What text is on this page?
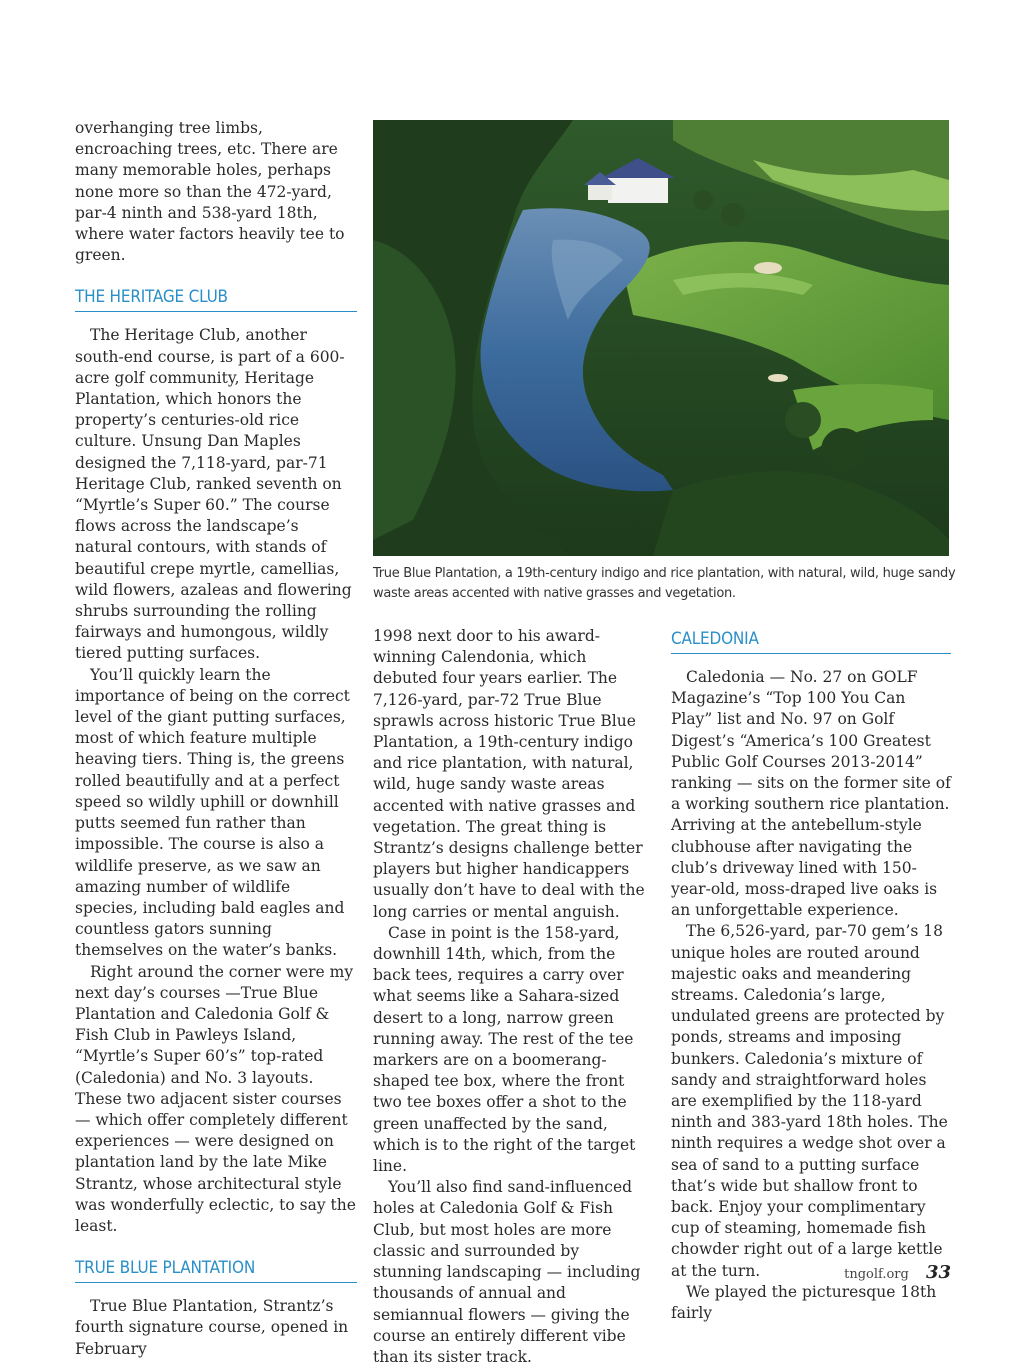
overhanging tree limbs, encroaching trees, etc. There are many memorable holes, perhaps none more so than the 472-yard, par-4 ninth and 538-yard 18th, where water factors heavily tee to green.

THE HERITAGE CLUB

The Heritage Club, another south-end course, is part of a 600-acre golf community, Heritage Plantation, which honors the property’s centuries-old rice culture. Unsung Dan Maples designed the 7,118-yard, par-71 Heritage Club, ranked seventh on “Myrtle’s Super 60.” The course flows across the landscape’s natural contours, with stands of beautiful crepe myrtle, camellias, wild flowers, azaleas and flowering shrubs surrounding the rolling fairways and humongous, wildly tiered putting surfaces.

You’ll quickly learn the importance of being on the correct level of the giant putting surfaces, most of which feature multiple heaving tiers. Thing is, the greens rolled beautifully and at a perfect speed so wildly uphill or downhill putts seemed fun rather than impossible. The course is also a wildlife preserve, as we saw an amazing number of wildlife species, including bald eagles and countless gators sunning themselves on the water’s banks.

Right around the corner were my next day’s courses —True Blue Plantation and Caledonia Golf & Fish Club in Pawleys Island, “Myrtle’s Super 60’s” top-rated (Caledonia) and No. 3 layouts. These two adjacent sister courses — which offer completely different experiences — were designed on plantation land by the late Mike Strantz, whose architectural style was wonderfully eclectic, to say the least.

TRUE BLUE PLANTATION

True Blue Plantation, Strantz’s fourth signature course, opened in February

True Blue Plantation, a 19th-century indigo and rice plantation, with natural, wild, huge sandy waste areas accented with native grasses and vegetation.

1998 next door to his award-winning Calendonia, which debuted four years earlier. The 7,126-yard, par-72 True Blue sprawls across historic True Blue Plantation, a 19th-century indigo and rice plantation, with natural, wild, huge sandy waste areas accented with native grasses and vegetation. The great thing is Strantz’s designs challenge better players but higher handicappers usually don’t have to deal with the long carries or mental anguish.

Case in point is the 158-yard, downhill 14th, which, from the back tees, requires a carry over what seems like a Sahara-sized desert to a long, narrow green running away. The rest of the tee markers are on a boomerang-shaped tee box, where the front two tee boxes offer a shot to the green unaffected by the sand, which is to the right of the target line.

You’ll also find sand-influenced holes at Caledonia Golf & Fish Club, but most holes are more classic and surrounded by stunning landscaping — including thousands of annual and semiannual flowers — giving the course an entirely different vibe than its sister track.

CALEDONIA

Caledonia — No. 27 on GOLF Magazine’s “Top 100 You Can Play” list and No. 97 on Golf Digest’s “America’s 100 Greatest Public Golf Courses 2013-2014” ranking — sits on the former site of a working southern rice plantation. Arriving at the antebellum-style clubhouse after navigating the club’s driveway lined with 150-year-old, moss-draped live oaks is an unforgettable experience.

The 6,526-yard, par-70 gem’s 18 unique holes are routed around majestic oaks and meandering streams. Caledonia’s large, undulated greens are protected by ponds, streams and imposing bunkers. Caledonia’s mixture of sandy and straightforward holes are exemplified by the 118-yard ninth and 383-yard 18th holes. The ninth requires a wedge shot over a sea of sand to a putting surface that’s wide but shallow front to back. Enjoy your complimentary cup of steaming, homemade fish chowder right out of a large kettle at the turn.

We played the picturesque 18th fairly

tngolf.org 33
